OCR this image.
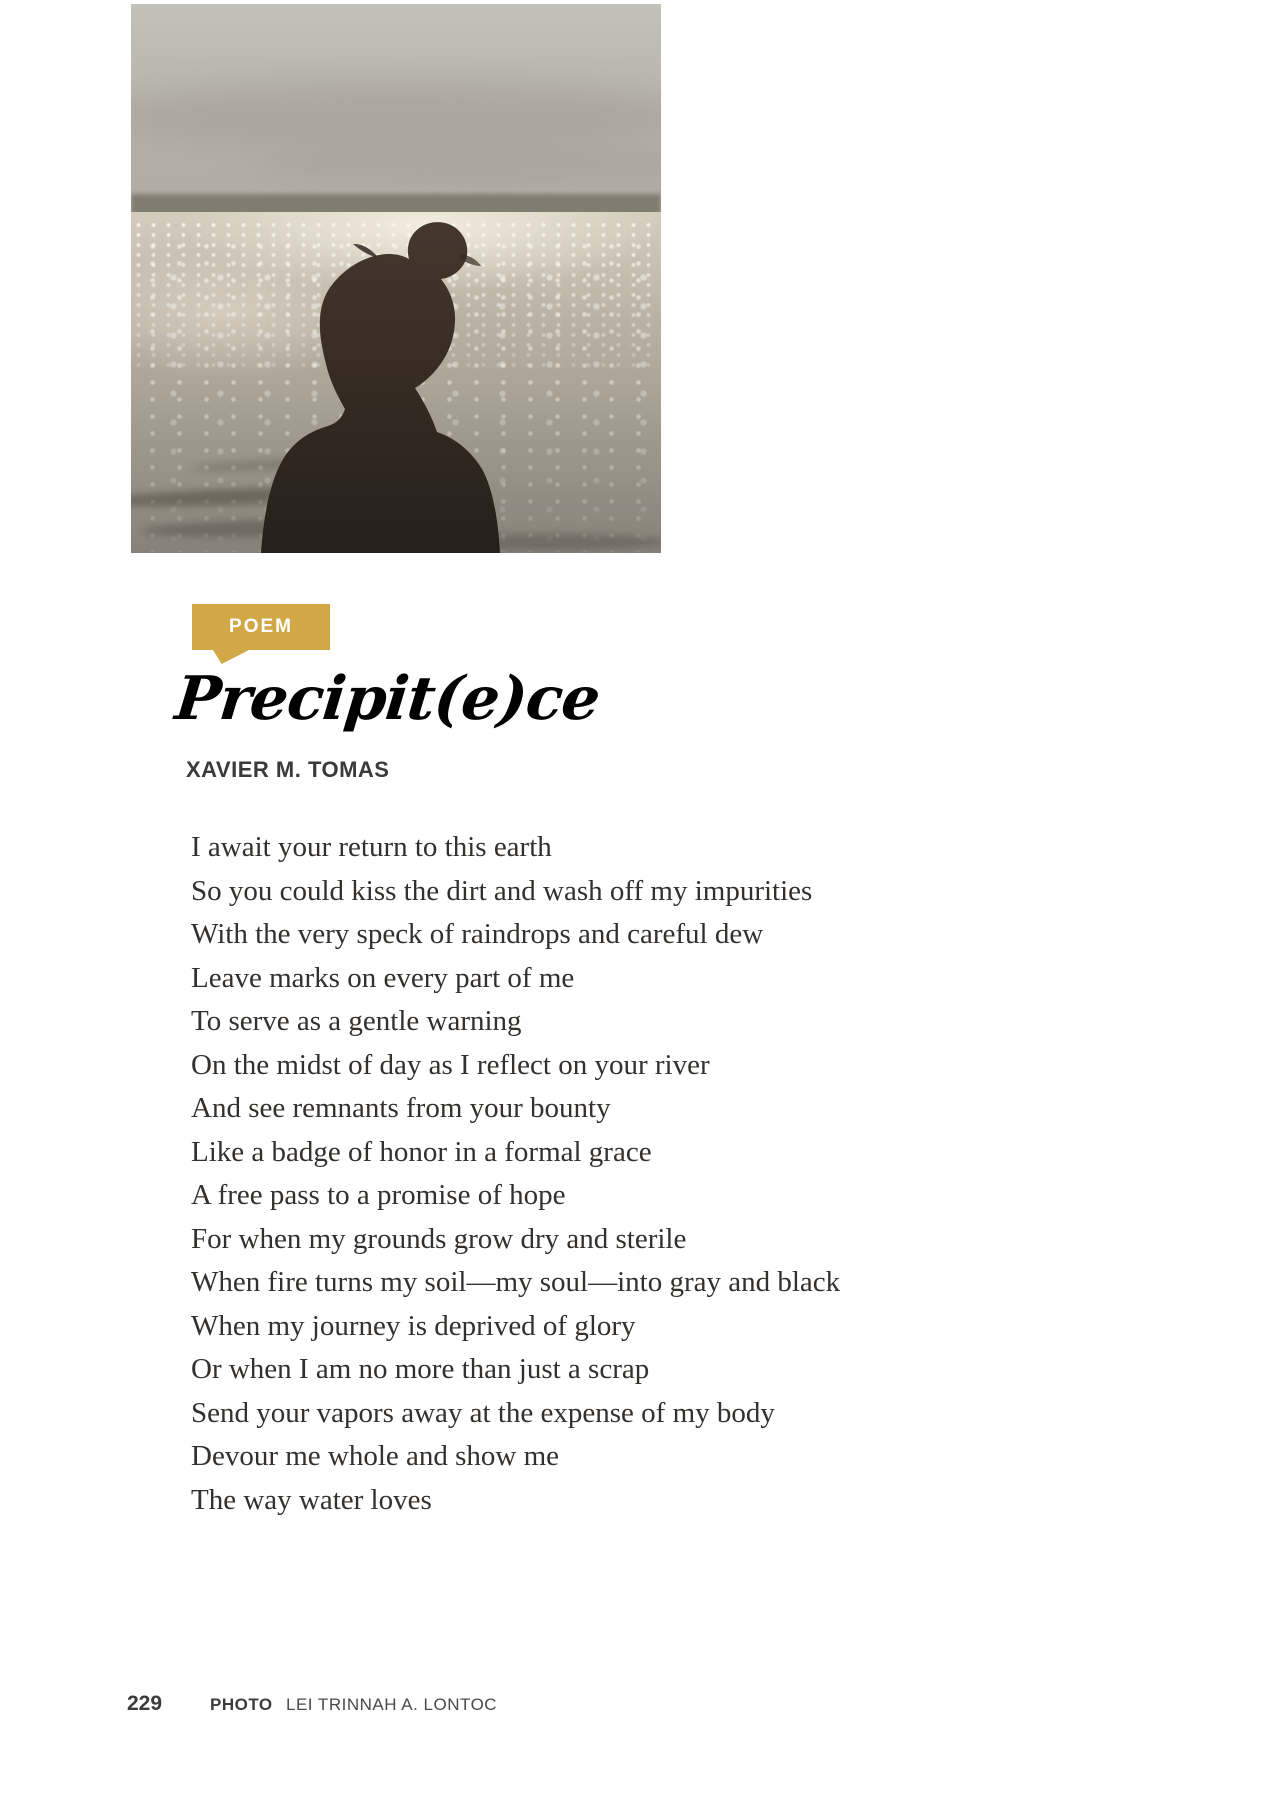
POEM
Precipit(e)ce
XAVIER M. TOMAS
I await your return to this earth
So you could kiss the dirt and wash off my impurities
With the very speck of raindrops and careful dew
Leave marks on every part of me
To serve as a gentle warning
On the midst of day as I reflect on your river
And see remnants from your bounty
Like a badge of honor in a formal grace
A free pass to a promise of hope
For when my grounds grow dry and sterile
When fire turns my soil—my soul—into gray and black
When my journey is deprived of glory
Or when I am no more than just a scrap
Send your vapors away at the expense of my body
Devour me whole and show me
The way water loves
229	PHOTO LEI TRINNAH A. LONTOC
